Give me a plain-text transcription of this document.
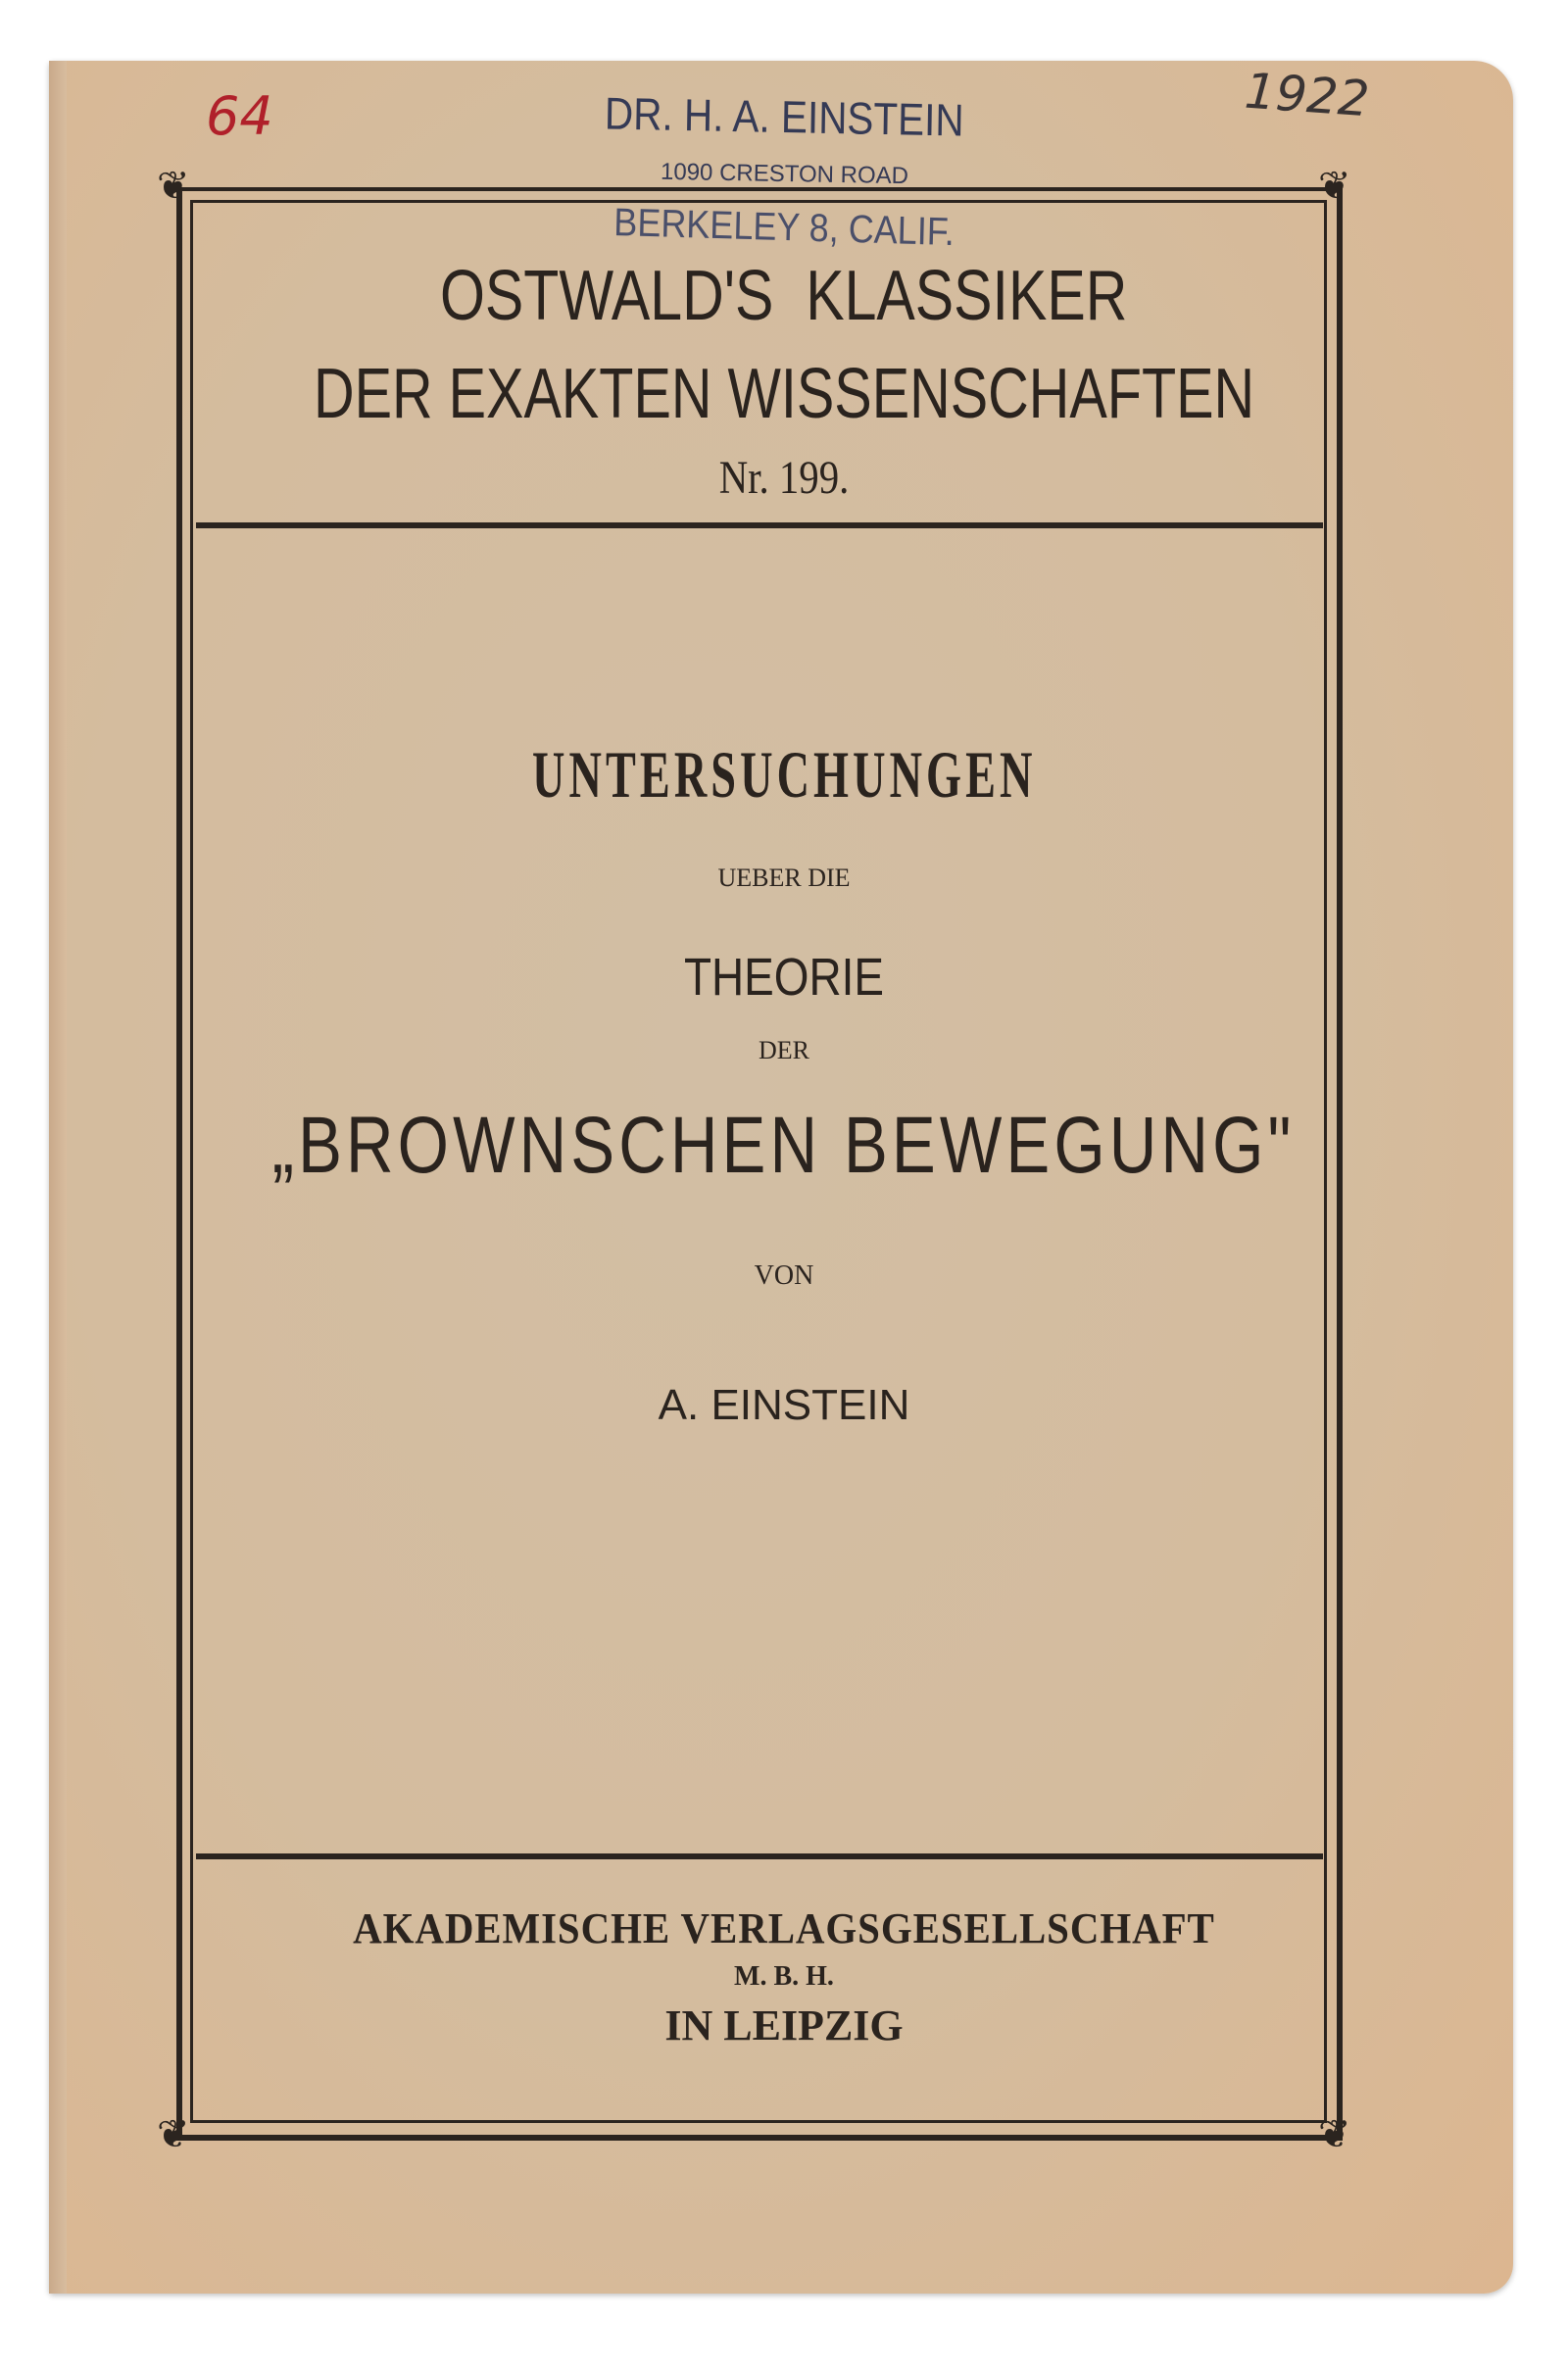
❦	❦
❦	❦
64	1922
DR. H. A. EINSTEIN
1090 CRESTON ROAD
BERKELEY 8, CALIF.
OSTWALD'S  KLASSIKER
DER EXAKTEN WISSENSCHAFTEN
Nr. 199.
UNTERSUCHUNGEN
UEBER DIE
THEORIE
DER
„BROWNSCHEN BEWEGUNG"
VON
A. EINSTEIN
AKADEMISCHE VERLAGSGESELLSCHAFT
M. B. H.
IN LEIPZIG
